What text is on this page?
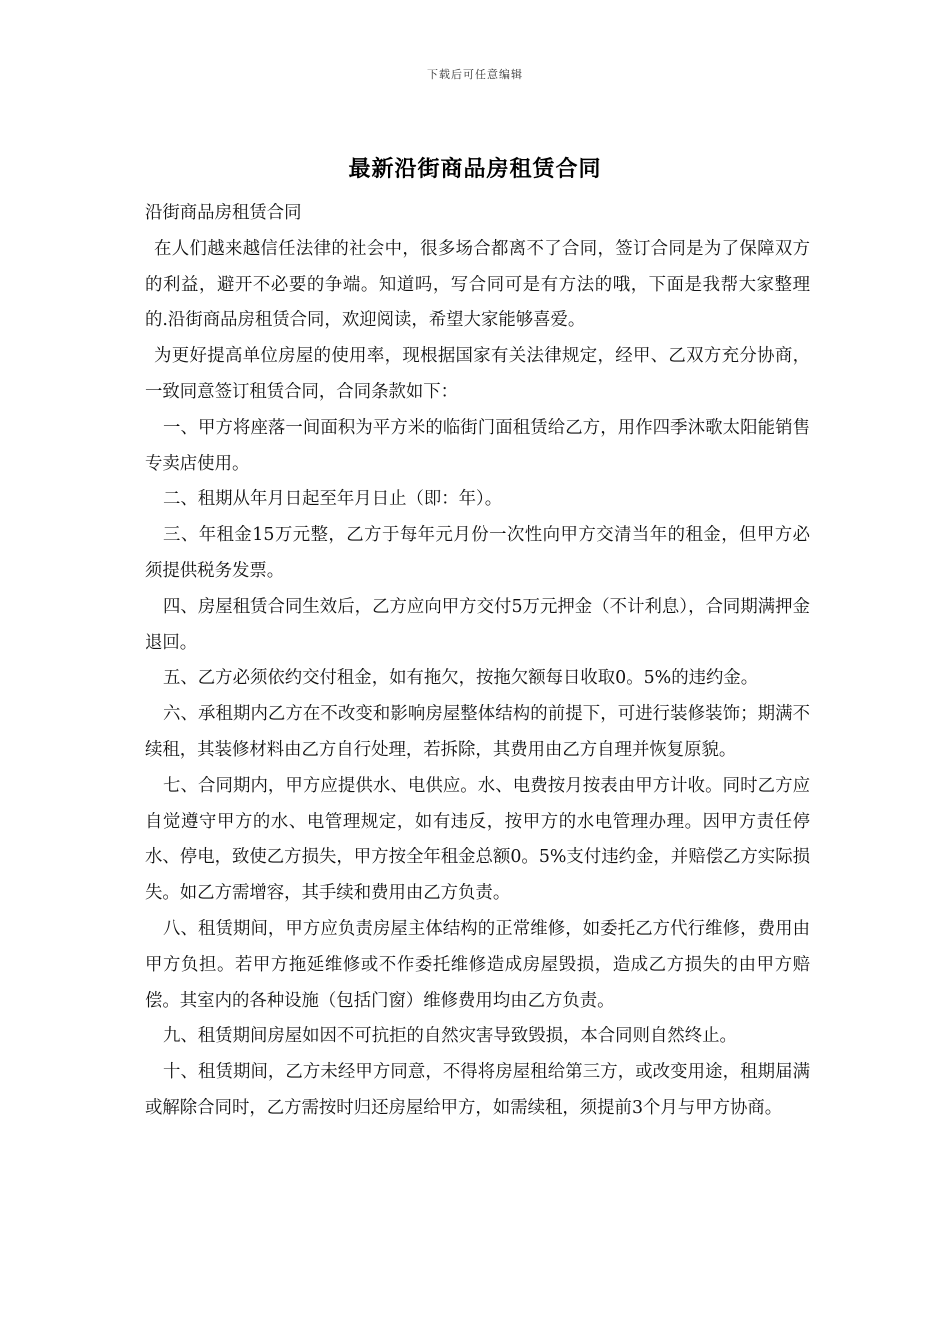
下载后可任意编辑
最新沿街商品房租赁合同

沿街商品房租赁合同

在人们越来越信任法律的社会中，很多场合都离不了合同，签订合同是为了保障双方的利益，避开不必要的争端。知道吗，写合同可是有方法的哦，下面是我帮大家整理的.沿街商品房租赁合同，欢迎阅读，希望大家能够喜爱。

为更好提高单位房屋的使用率，现根据国家有关法律规定，经甲、乙双方充分协商，一致同意签订租赁合同，合同条款如下：

一、甲方将座落一间面积为平方米的临街门面租赁给乙方，用作四季沐歌太阳能销售专卖店使用。

二、租期从年月日起至年月日止（即：年）。

三、年租金15万元整，乙方于每年元月份一次性向甲方交清当年的租金，但甲方必须提供税务发票。

四、房屋租赁合同生效后，乙方应向甲方交付5万元押金（不计利息），合同期满押金退回。

五、乙方必须依约交付租金，如有拖欠，按拖欠额每日收取0。5%的违约金。

六、承租期内乙方在不改变和影响房屋整体结构的前提下，可进行装修装饰；期满不续租，其装修材料由乙方自行处理，若拆除，其费用由乙方自理并恢复原貌。

七、合同期内，甲方应提供水、电供应。水、电费按月按表由甲方计收。同时乙方应自觉遵守甲方的水、电管理规定，如有违反，按甲方的水电管理办理。因甲方责任停水、停电，致使乙方损失，甲方按全年租金总额0。5%支付违约金，并赔偿乙方实际损失。如乙方需增容，其手续和费用由乙方负责。

八、租赁期间，甲方应负责房屋主体结构的正常维修，如委托乙方代行维修，费用由甲方负担。若甲方拖延维修或不作委托维修造成房屋毁损，造成乙方损失的由甲方赔偿。其室内的各种设施（包括门窗）维修费用均由乙方负责。

九、租赁期间房屋如因不可抗拒的自然灾害导致毁损，本合同则自然终止。

十、租赁期间，乙方未经甲方同意，不得将房屋租给第三方，或改变用途，租期届满或解除合同时，乙方需按时归还房屋给甲方，如需续租，须提前3个月与甲方协商。
